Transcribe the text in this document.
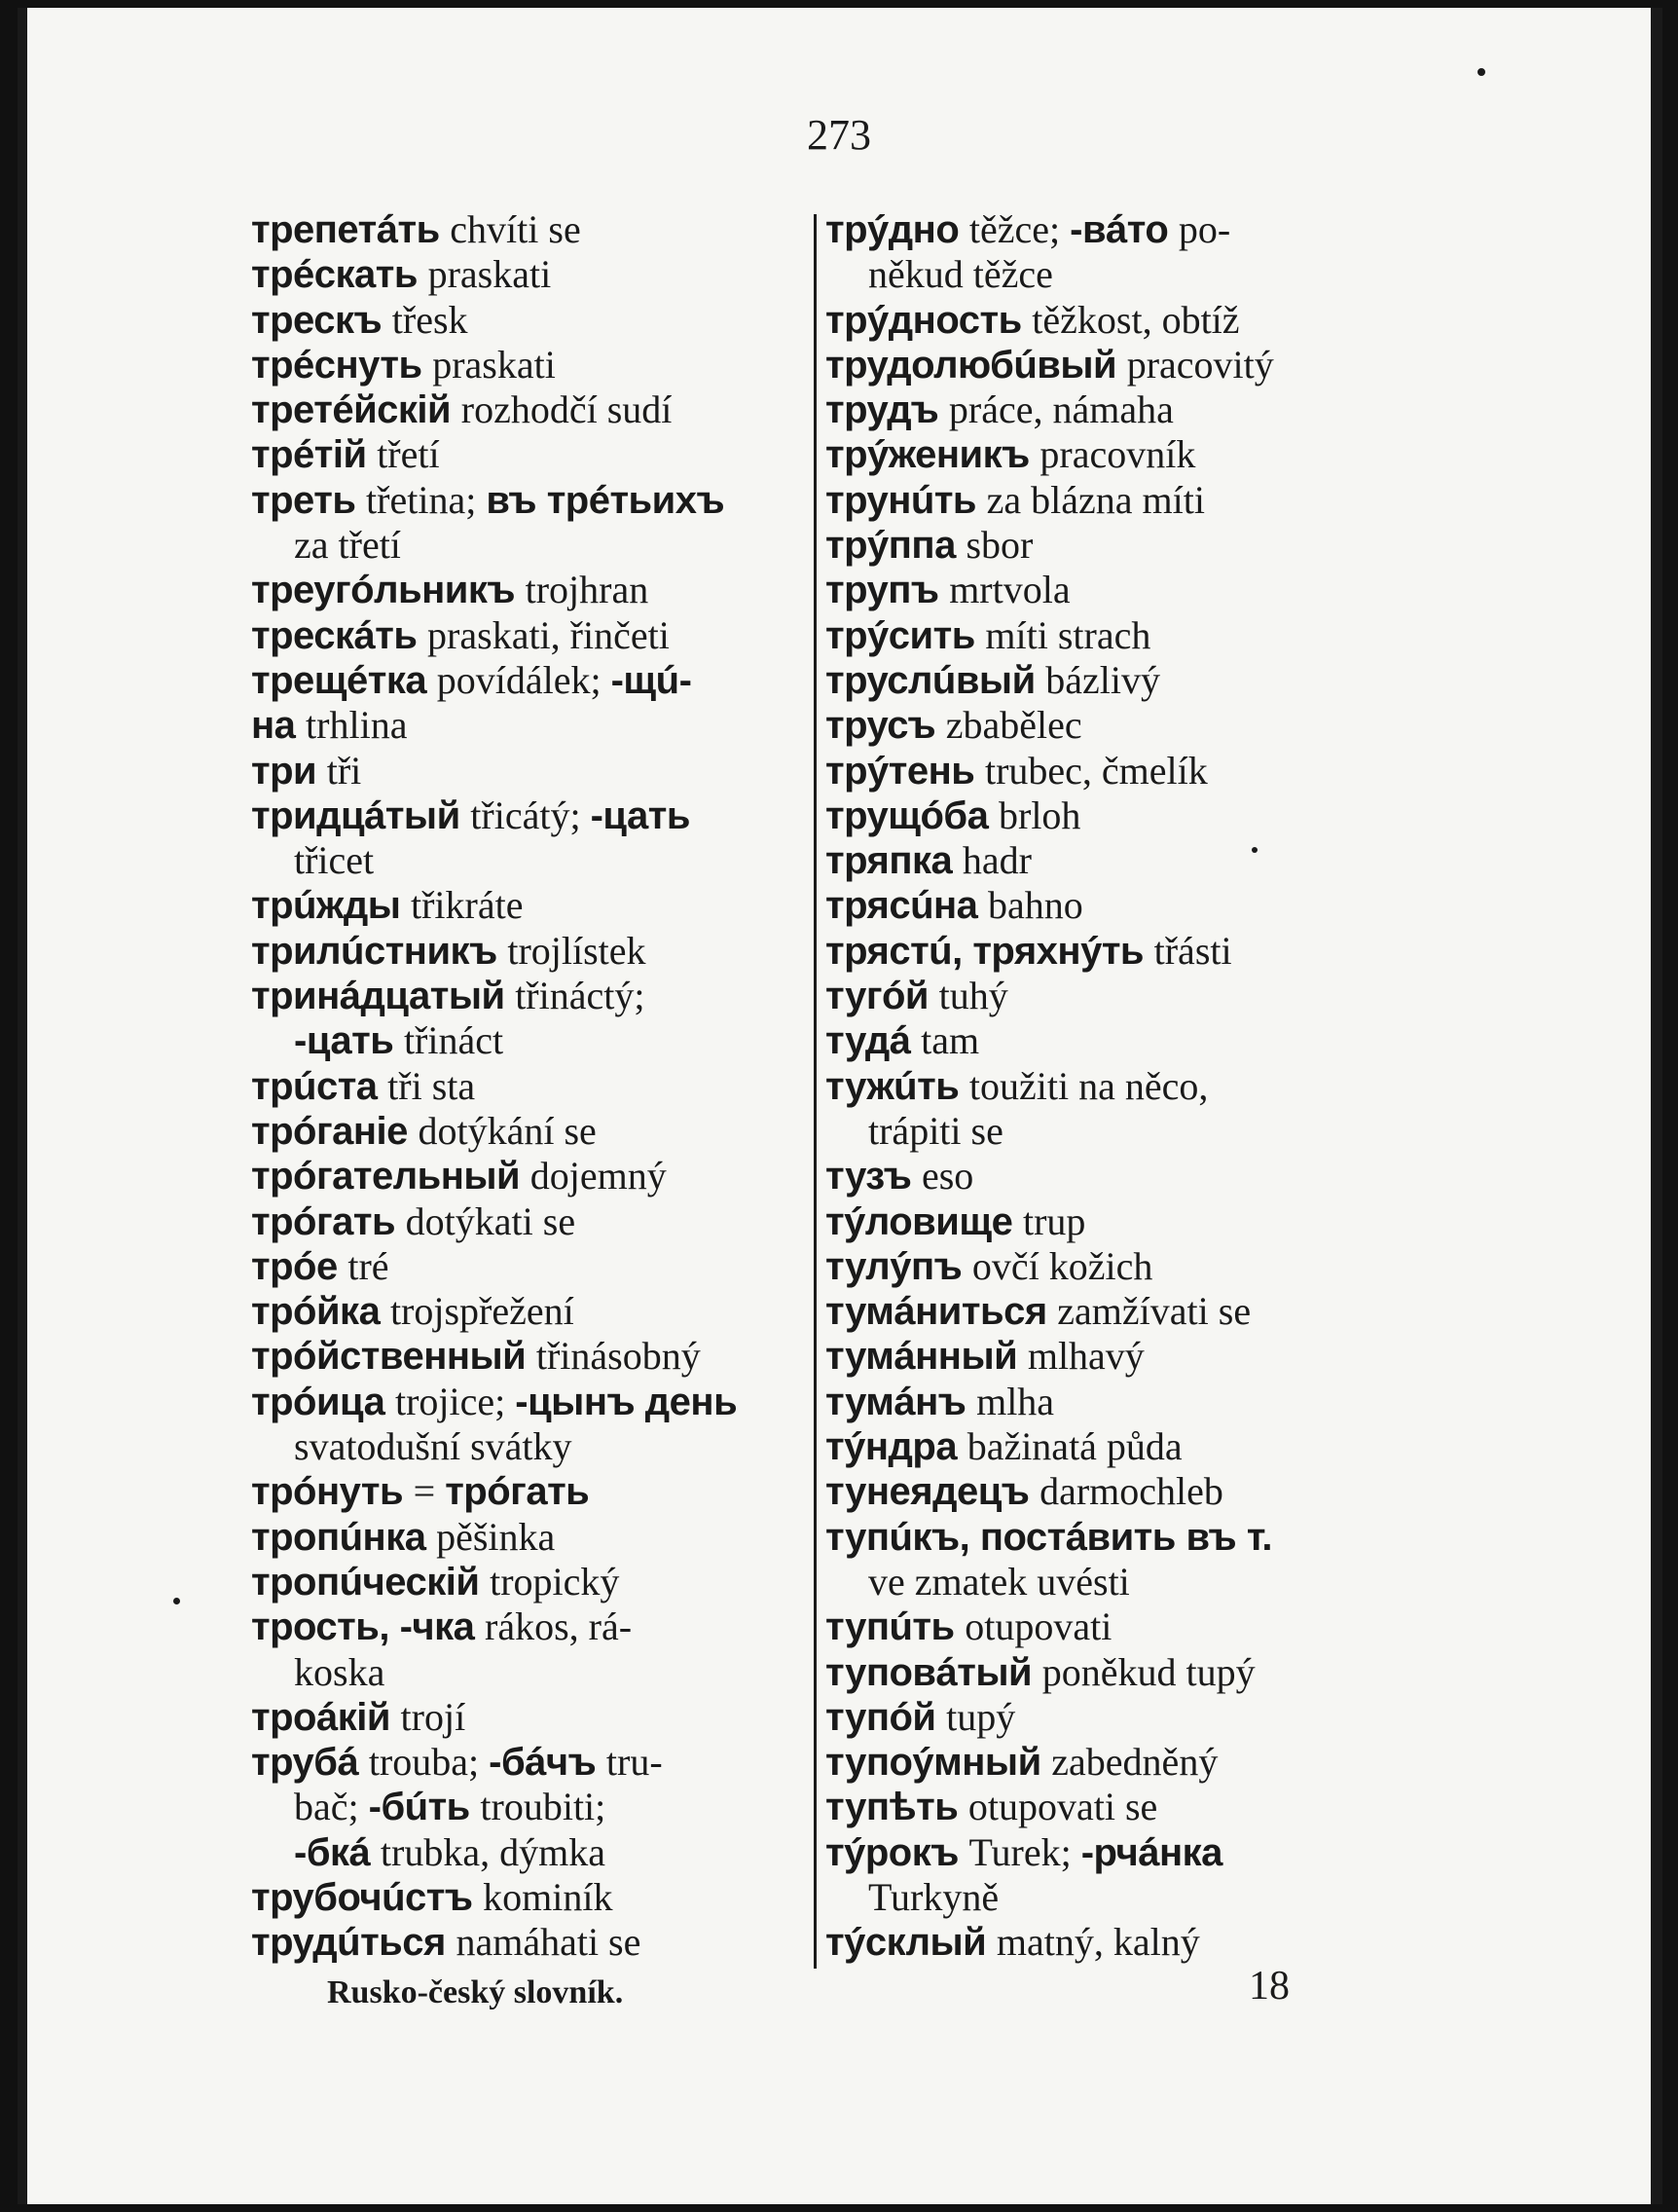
273
трепетáть chvíti se
трéскать praskati
трескъ třesk
трéснуть praskati
третéйскій rozhodčí sudí
трéтій třetí
треть třetina; въ трéтьихъ
za třetí
треугóльникъ trojhran
трескáть praskati, řinčeti
трещéтка povídálek; -щú-
на trhlina
три tři
тридцáтый třicátý; -цать
třicet
трúжды třikráte
трилúстникъ trojlístek
тринáдцатый třináctý;
-цать třináct
трúста tři sta
трóганіе dotýkání se
трóгательный dojemný
трóгать dotýkati se
трóе tré
трóйка trojspřežení
трóйственный třinásobný
трóица trojice; -цынъ день
svatodušní svátky
трóнуть = трóгать
тропúнка pěšinka
тропúческій tropický
трость, -чка rákos, rá-
koska
троáкій trojí
трубá trouba; -бáчъ tru-
bač; -бúть troubiti;
-бкá trubka, dýmka
трубочúстъ kominík
трудúться namáhati se
трýдно těžce; -вáто po-
někud těžce
трýдность těžkost, obtíž
трудолюбúвый pracovitý
трудъ práce, námaha
трýженикъ pracovník
трунúть za blázna míti
трýппа sbor
трупъ mrtvola
трýсить míti strach
труслúвый bázlivý
трусъ zbabělec
трýтень trubec, čmelík
трущóба brloh
тряпка hadr
трясúна bahno
трястú, тряхнýть třásti
тугóй tuhý
тудá tam
тужúть toužiti na něco,
trápiti se
тузъ eso
тýловище trup
тулýпъ ovčí kožich
тумáниться zamžívati se
тумáнный mlhavý
тумáнъ mlha
тýндра bažinatá půda
тунеядецъ darmochleb
тупúкъ, постáвить въ т.
ve zmatek uvésti
тупúть otupovati
туповáтый poněkud tupý
тупóй tupý
тупоýмный zabedněný
тупѣть otupovati se
тýрокъ Turek; -рчáнка
Turkyně
тýсклый matný, kalný
Rusko-český slovník.	18
